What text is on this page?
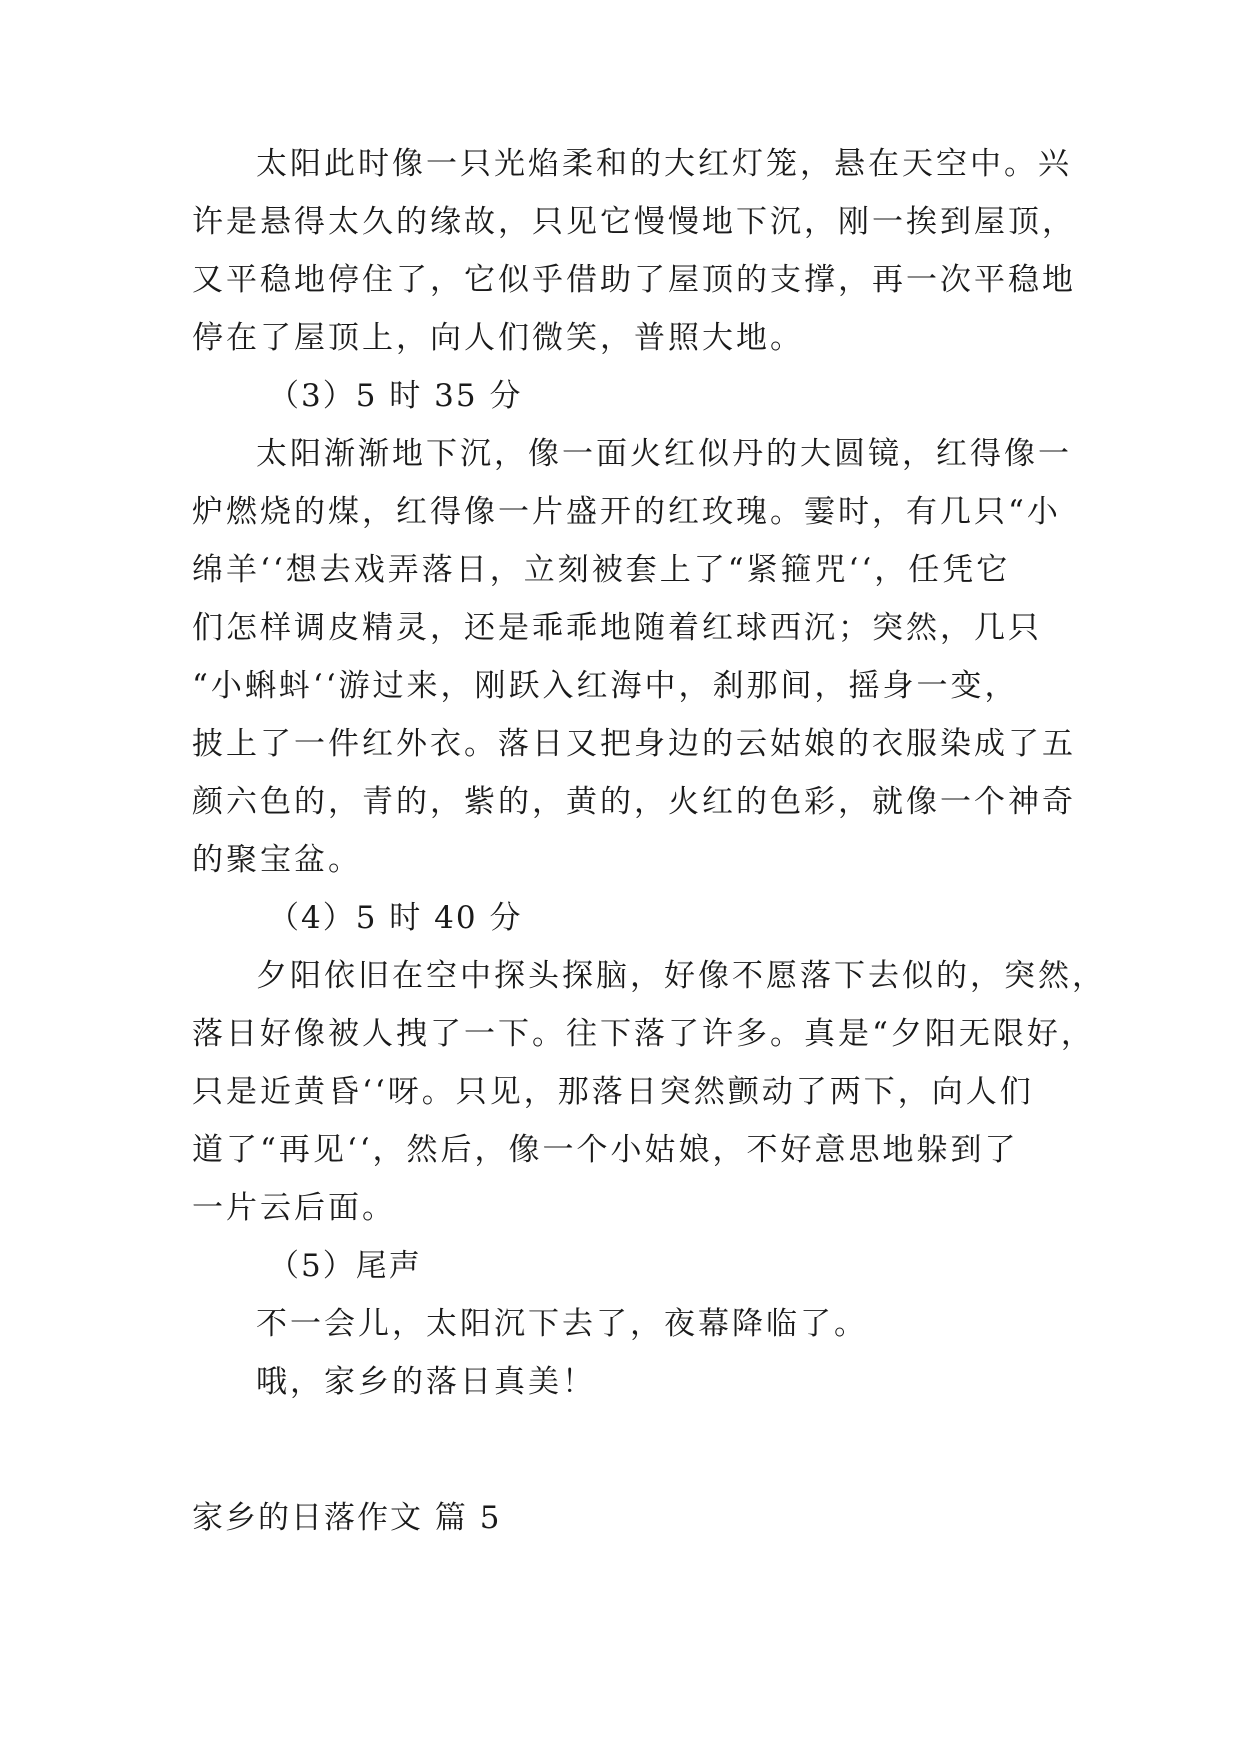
太阳此时像一只光焰柔和的大红灯笼，悬在天空中。兴
许是悬得太久的缘故，只见它慢慢地下沉，刚一挨到屋顶，
又平稳地停住了，它似乎借助了屋顶的支撑，再一次平稳地
停在了屋顶上，向人们微笑，普照大地。
（3）5 时 35 分
太阳渐渐地下沉，像一面火红似丹的大圆镜，红得像一
炉燃烧的煤，红得像一片盛开的红玫瑰。霎时，有几只“小
绵羊‘‘想去戏弄落日，立刻被套上了“紧箍咒‘‘，任凭它
们怎样调皮精灵，还是乖乖地随着红球西沉；突然，几只
“小蝌蚪‘‘游过来，刚跃入红海中，刹那间，摇身一变，
披上了一件红外衣。落日又把身边的云姑娘的衣服染成了五
颜六色的，青的，紫的，黄的，火红的色彩，就像一个神奇
的聚宝盆。
（4）5 时 40 分
夕阳依旧在空中探头探脑，好像不愿落下去似的，突然，
落日好像被人拽了一下。往下落了许多。真是“夕阳无限好，
只是近黄昏‘‘呀。只见，那落日突然颤动了两下，向人们
道了“再见‘‘，然后，像一个小姑娘，不好意思地躲到了
一片云后面。
（5）尾声
不一会儿，太阳沉下去了，夜幕降临了。
哦，家乡的落日真美！
家乡的日落作文 篇 5
